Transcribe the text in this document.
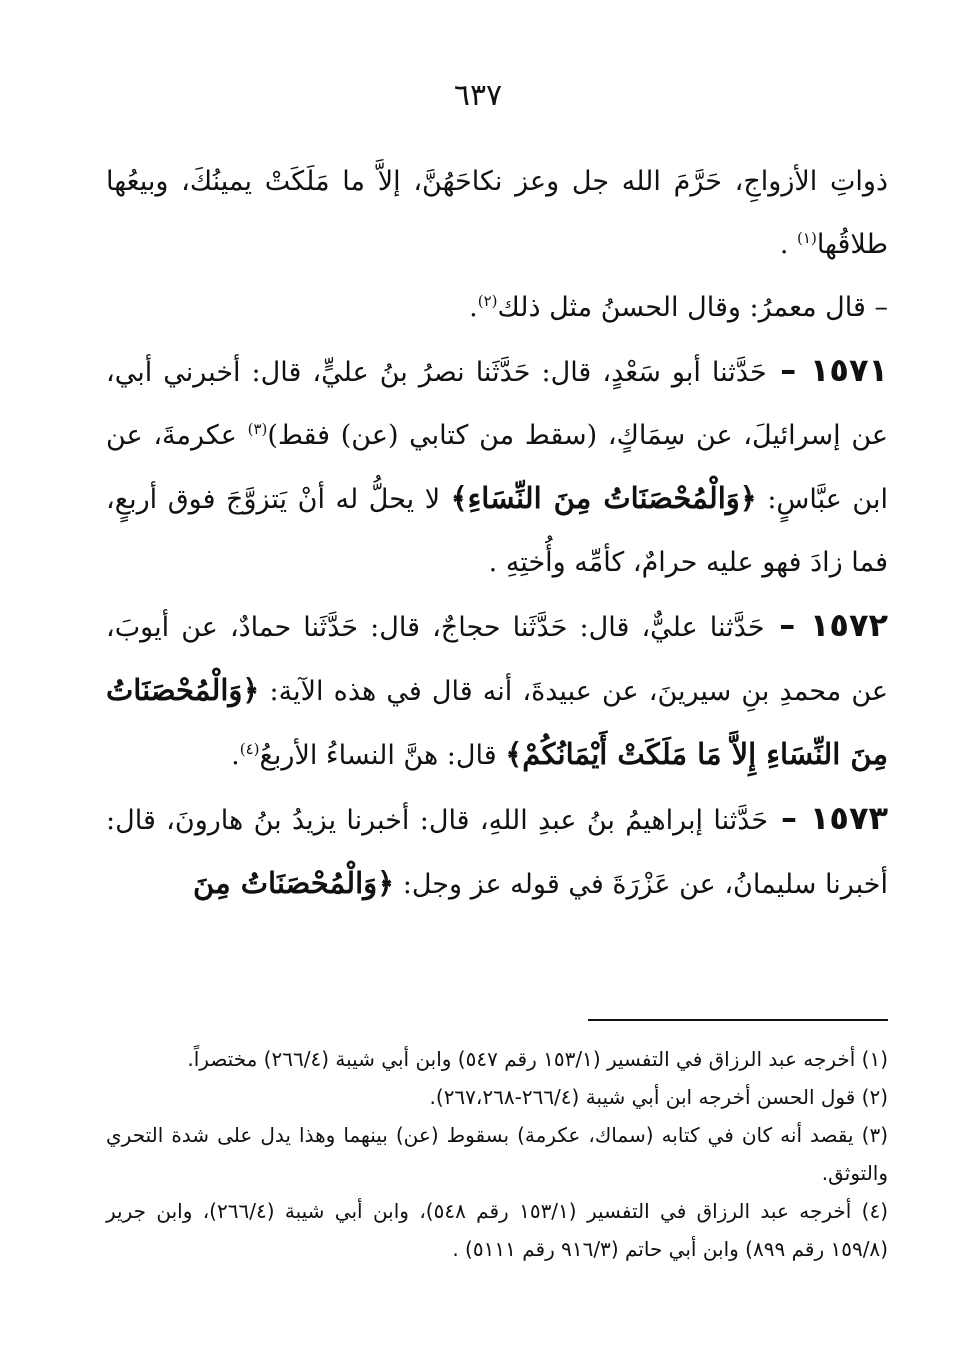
٦٣٧

ذواتِ الأزواجِ، حَرَّمَ الله جل وعز نكاحَهُنَّ، إلاَّ ما مَلَكَتْ يمينُكَ، وبيعُها طلاقُها$^{(١)}$ .

– قال معمرُ: وقال الحسنُ مثل ذلك$^{(٢)}$.

١٥٧١ – حَدَّثنا أبو سَعْدٍ، قال: حَدَّثَنا نصرُ بنُ عليٍّ، قال: أخبرني أبي، عن إسرائيلَ، عن سِمَاكٍ، (سقط من كتابي (عن) فقط)$^{(٣)}$ عكرمةَ، عن ابن عبَّاسٍ: ﴿وَالْمُحْصَنَاتُ مِنَ النِّسَاءِ﴾ لا يحلُّ له أنْ يَتزوَّجَ فوق أربعٍ، فما زادَ فهو عليه حرامٌ، كأمِّه وأُختِهِ .

١٥٧٢ – حَدَّثنا عليٌّ، قال: حَدَّثَنا حجاجٌ، قال: حَدَّثَنا حمادٌ، عن أيوبَ، عن محمدِ بنِ سيرينَ، عن عبيدةَ، أنه قال في هذه الآية: ﴿وَالْمُحْصَنَاتُ مِنَ النِّسَاءِ إِلاَّ مَا مَلَكَتْ أَيْمَانُكُمْ﴾ قال: هنَّ النساءُ الأربعُ$^{(٤)}$.

١٥٧٣ – حَدَّثنا إبراهيمُ بنُ عبدِ اللهِ، قال: أخبرنا يزيدُ بنُ هارونَ، قال: أخبرنا سليمانُ، عن عَزْرَةَ في قوله عز وجل: ﴿وَالْمُحْصَنَاتُ مِنَ

(١) أخرجه عبد الرزاق في التفسير (١٥٣/١ رقم ٥٤٧) وابن أبي شيبة (٢٦٦/٤) مختصراً.

(٢) قول الحسن أخرجه ابن أبي شيبة (٢٦٦/٤-٢٦٧،٢٦٨).

(٣) يقصد أنه كان في كتابه (سماك، عكرمة) بسقوط (عن) بينهما وهذا يدل على شدة التحري والتوثق.

(٤) أخرجه عبد الرزاق في التفسير (١٥٣/١ رقم ٥٤٨)، وابن أبي شيبة (٢٦٦/٤)، وابن جرير (١٥٩/٨ رقم ٨٩٩) وابن أبي حاتم (٩١٦/٣ رقم ٥١١١) .
